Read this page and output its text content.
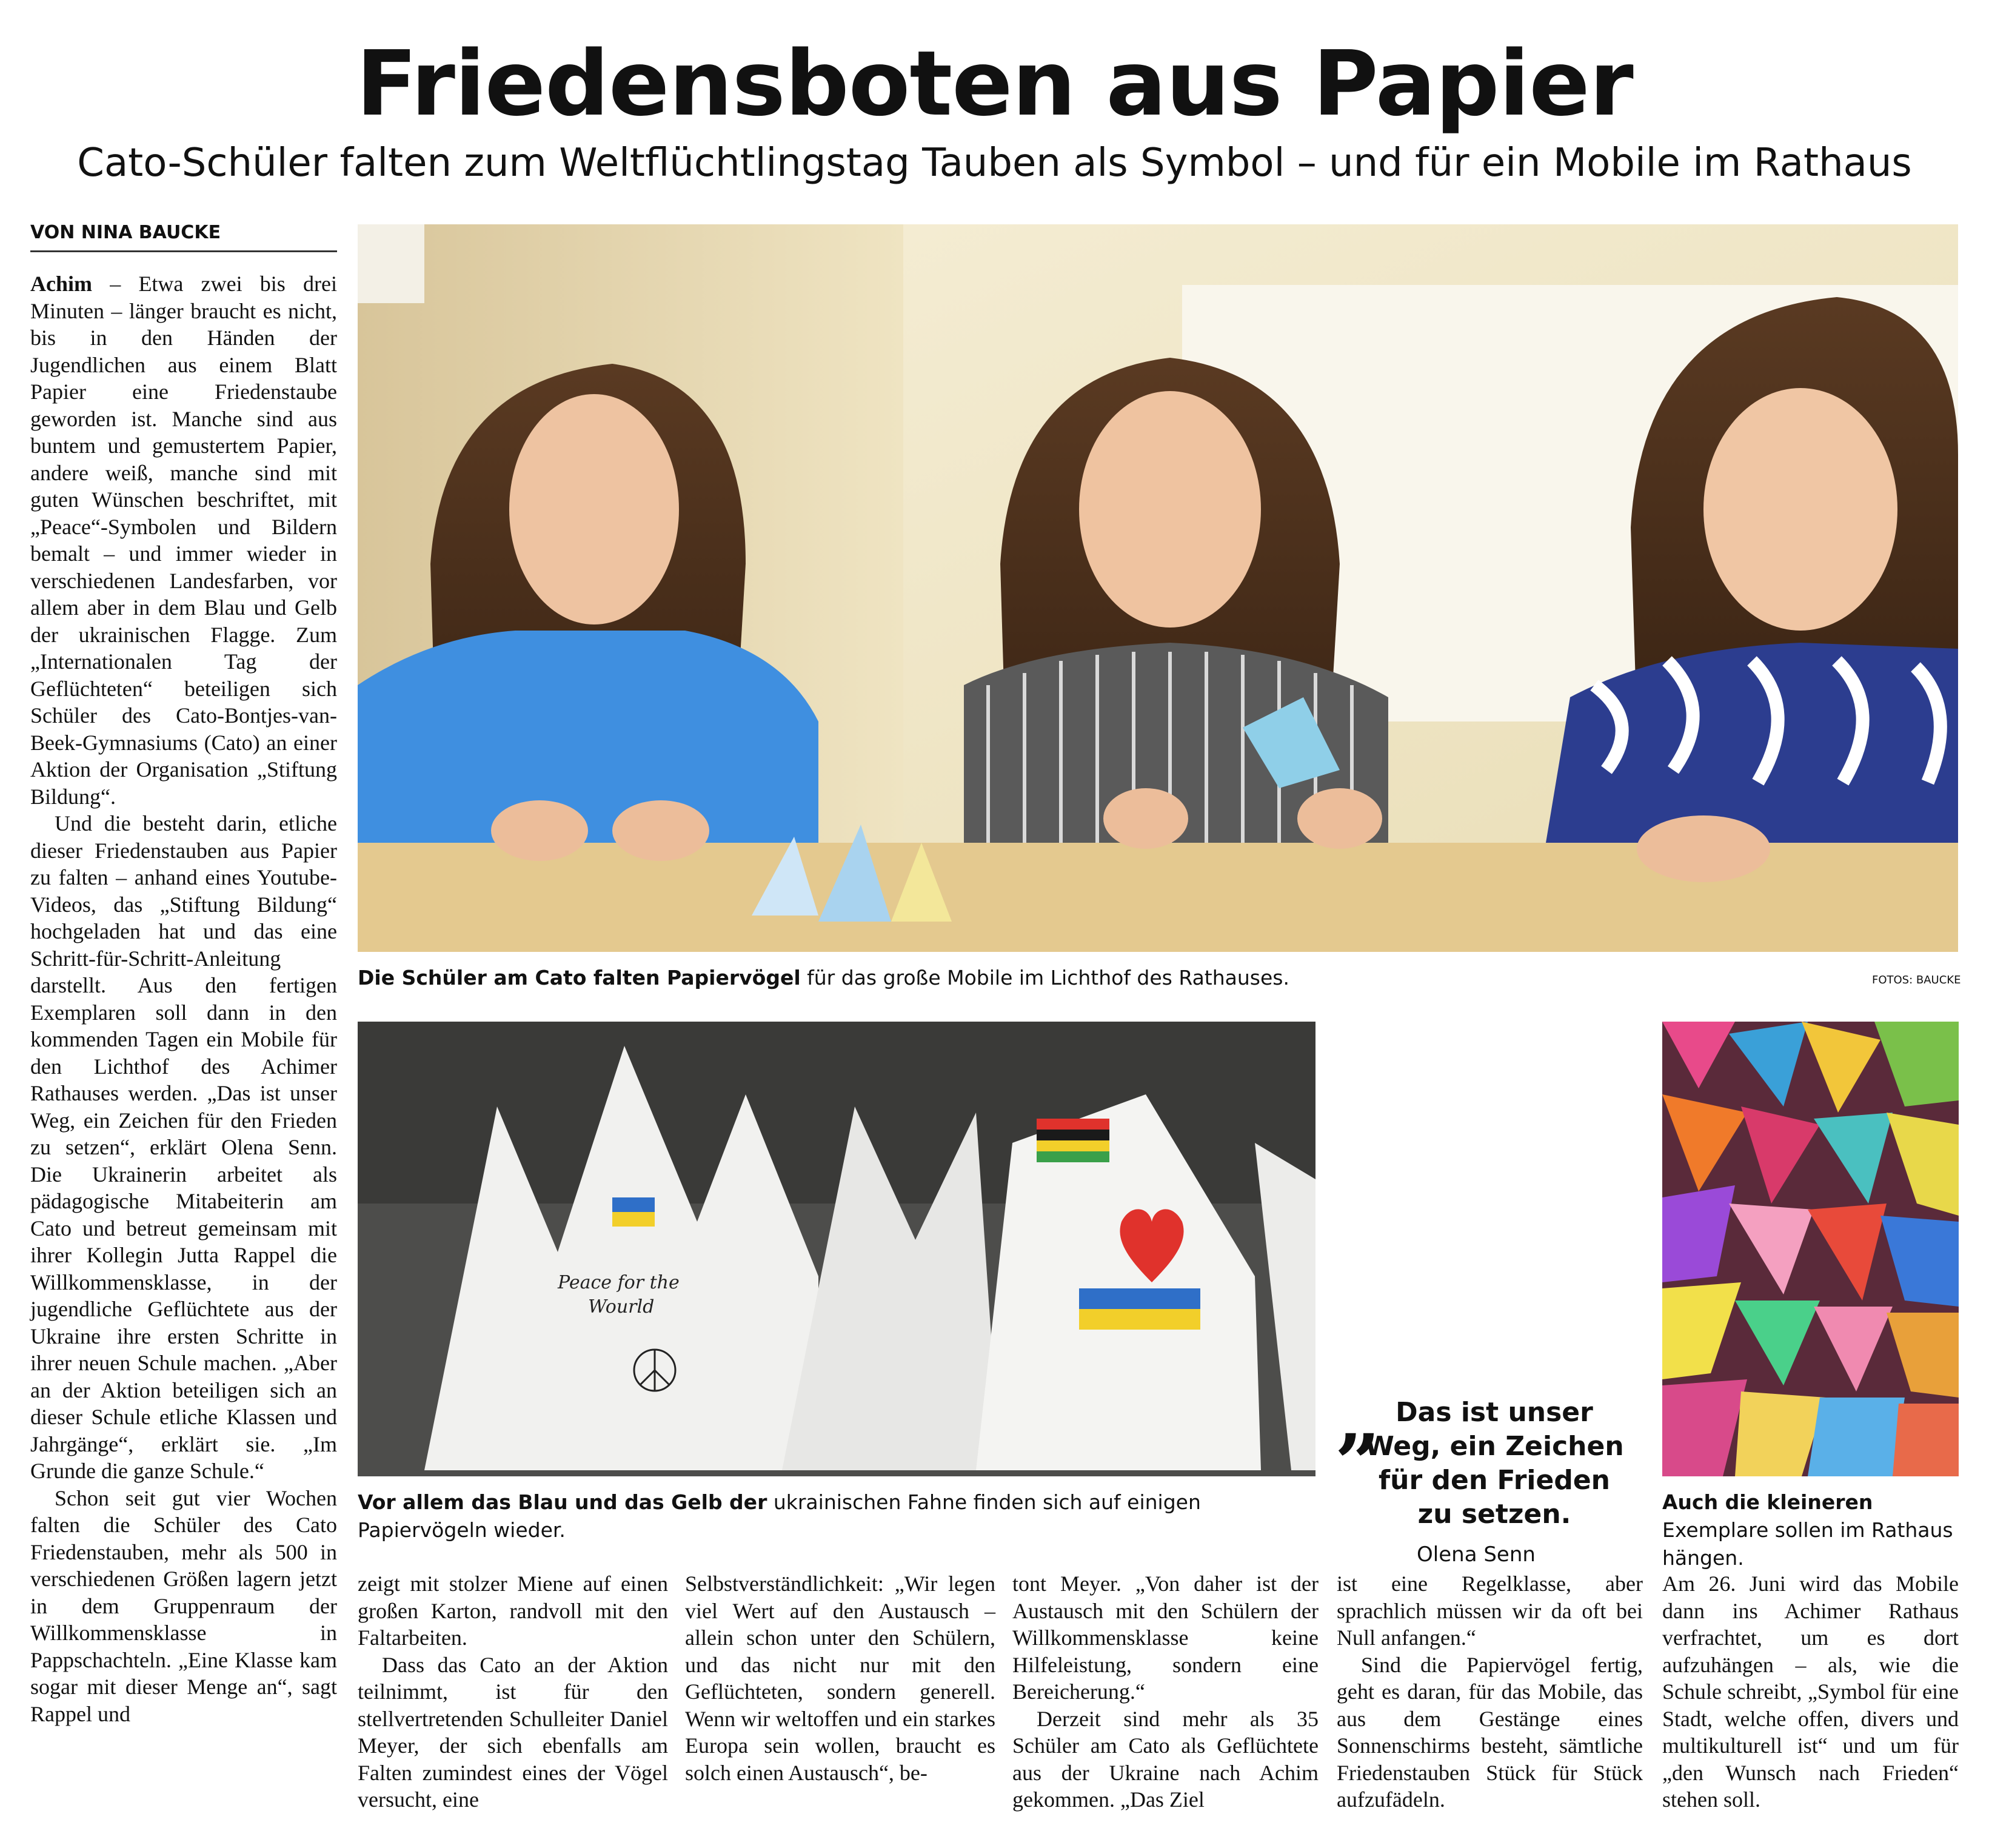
Friedensboten aus Papier
Cato-Schüler falten zum Weltflüchtlingstag Tauben als Symbol – und für ein Mobile im Rathaus
VON NINA BAUCKE

Achim – Etwa zwei bis drei Minuten – länger braucht es nicht, bis in den Händen der Jugendlichen aus einem Blatt Papier eine Friedenstaube geworden ist. Manche sind aus buntem und gemustertem Papier, andere weiß, manche sind mit guten Wünschen beschriftet, mit „Peace“-Symbolen und Bildern bemalt – und immer wieder in verschiedenen Landesfarben, vor allem aber in dem Blau und Gelb der ukrainischen Flagge. Zum „Internationalen Tag der Geflüchteten“ beteiligen sich Schüler des Cato-Bontjes-van-Beek-Gymnasiums (Cato) an einer Aktion der Organisation „Stiftung Bildung“.

Und die besteht darin, etliche dieser Friedenstauben aus Papier zu falten – anhand eines Youtube-Videos, das „Stiftung Bildung“ hochgeladen hat und das eine Schritt-für-Schritt-Anleitung darstellt. Aus den fertigen Exemplaren soll dann in den kommenden Tagen ein Mobile für den Lichthof des Achimer Rathauses werden. „Das ist unser Weg, ein Zeichen für den Frieden zu setzen“, erklärt Olena Senn. Die Ukrainerin arbeitet als pädagogische Mitabeiterin am Cato und betreut gemeinsam mit ihrer Kollegin Jutta Rappel die Willkommensklasse, in der jugendliche Geflüchtete aus der Ukraine ihre ersten Schritte in ihrer neuen Schule machen. „Aber an der Aktion beteiligen sich an dieser Schule etliche Klassen und Jahrgänge“, erklärt sie. „Im Grunde die ganze Schule.“

Schon seit gut vier Wochen falten die Schüler des Cato Friedenstauben, mehr als 500 in verschiedenen Größen lagern jetzt in dem Gruppenraum der Willkommensklasse in Pappschachteln. „Eine Klasse kam sogar mit dieser Menge an“, sagt Rappel und

Die Schüler am Cato falten Papiervögel für das große Mobile im Lichthof des Rathauses.	FOTOS: BAUCKE
Peace for the
Wourld
Vor allem das Blau und das Gelb der ukrainischen Fahne finden sich auf einigen Papiervögeln wieder.
Auch die kleineren Exemplare sollen im Rathaus hängen.
„ Das ist unser Weg, ein Zeichen für den Frieden zu setzen.
Olena Senn

zeigt mit stolzer Miene auf einen großen Karton, randvoll mit den Faltarbeiten.

Dass das Cato an der Aktion teilnimmt, ist für den stellvertretenden Schulleiter Daniel Meyer, der sich ebenfalls am Falten zumindest eines der Vögel versucht, eine

Selbstverständlichkeit: „Wir legen viel Wert auf den Austausch – allein schon unter den Schülern, und das nicht nur mit den Geflüchteten, sondern generell. Wenn wir weltoffen und ein starkes Europa sein wollen, braucht es solch einen Austausch“, be-

tont Meyer. „Von daher ist der Austausch mit den Schülern der Willkommensklasse keine Hilfeleistung, sondern eine Bereicherung.“

Derzeit sind mehr als 35 Schüler am Cato als Geflüchtete aus der Ukraine nach Achim gekommen. „Das Ziel

ist eine Regelklasse, aber sprachlich müssen wir da oft bei Null anfangen.“

Sind die Papiervögel fertig, geht es daran, für das Mobile, das aus dem Gestänge eines Sonnenschirms besteht, sämtliche Friedenstauben Stück für Stück aufzufädeln.

Am 26. Juni wird das Mobile dann ins Achimer Rathaus verfrachtet, um es dort aufzuhängen – als, wie die Schule schreibt, „Symbol für eine Stadt, welche offen, divers und multikulturell ist“ und um für „den Wunsch nach Frieden“ stehen soll.
